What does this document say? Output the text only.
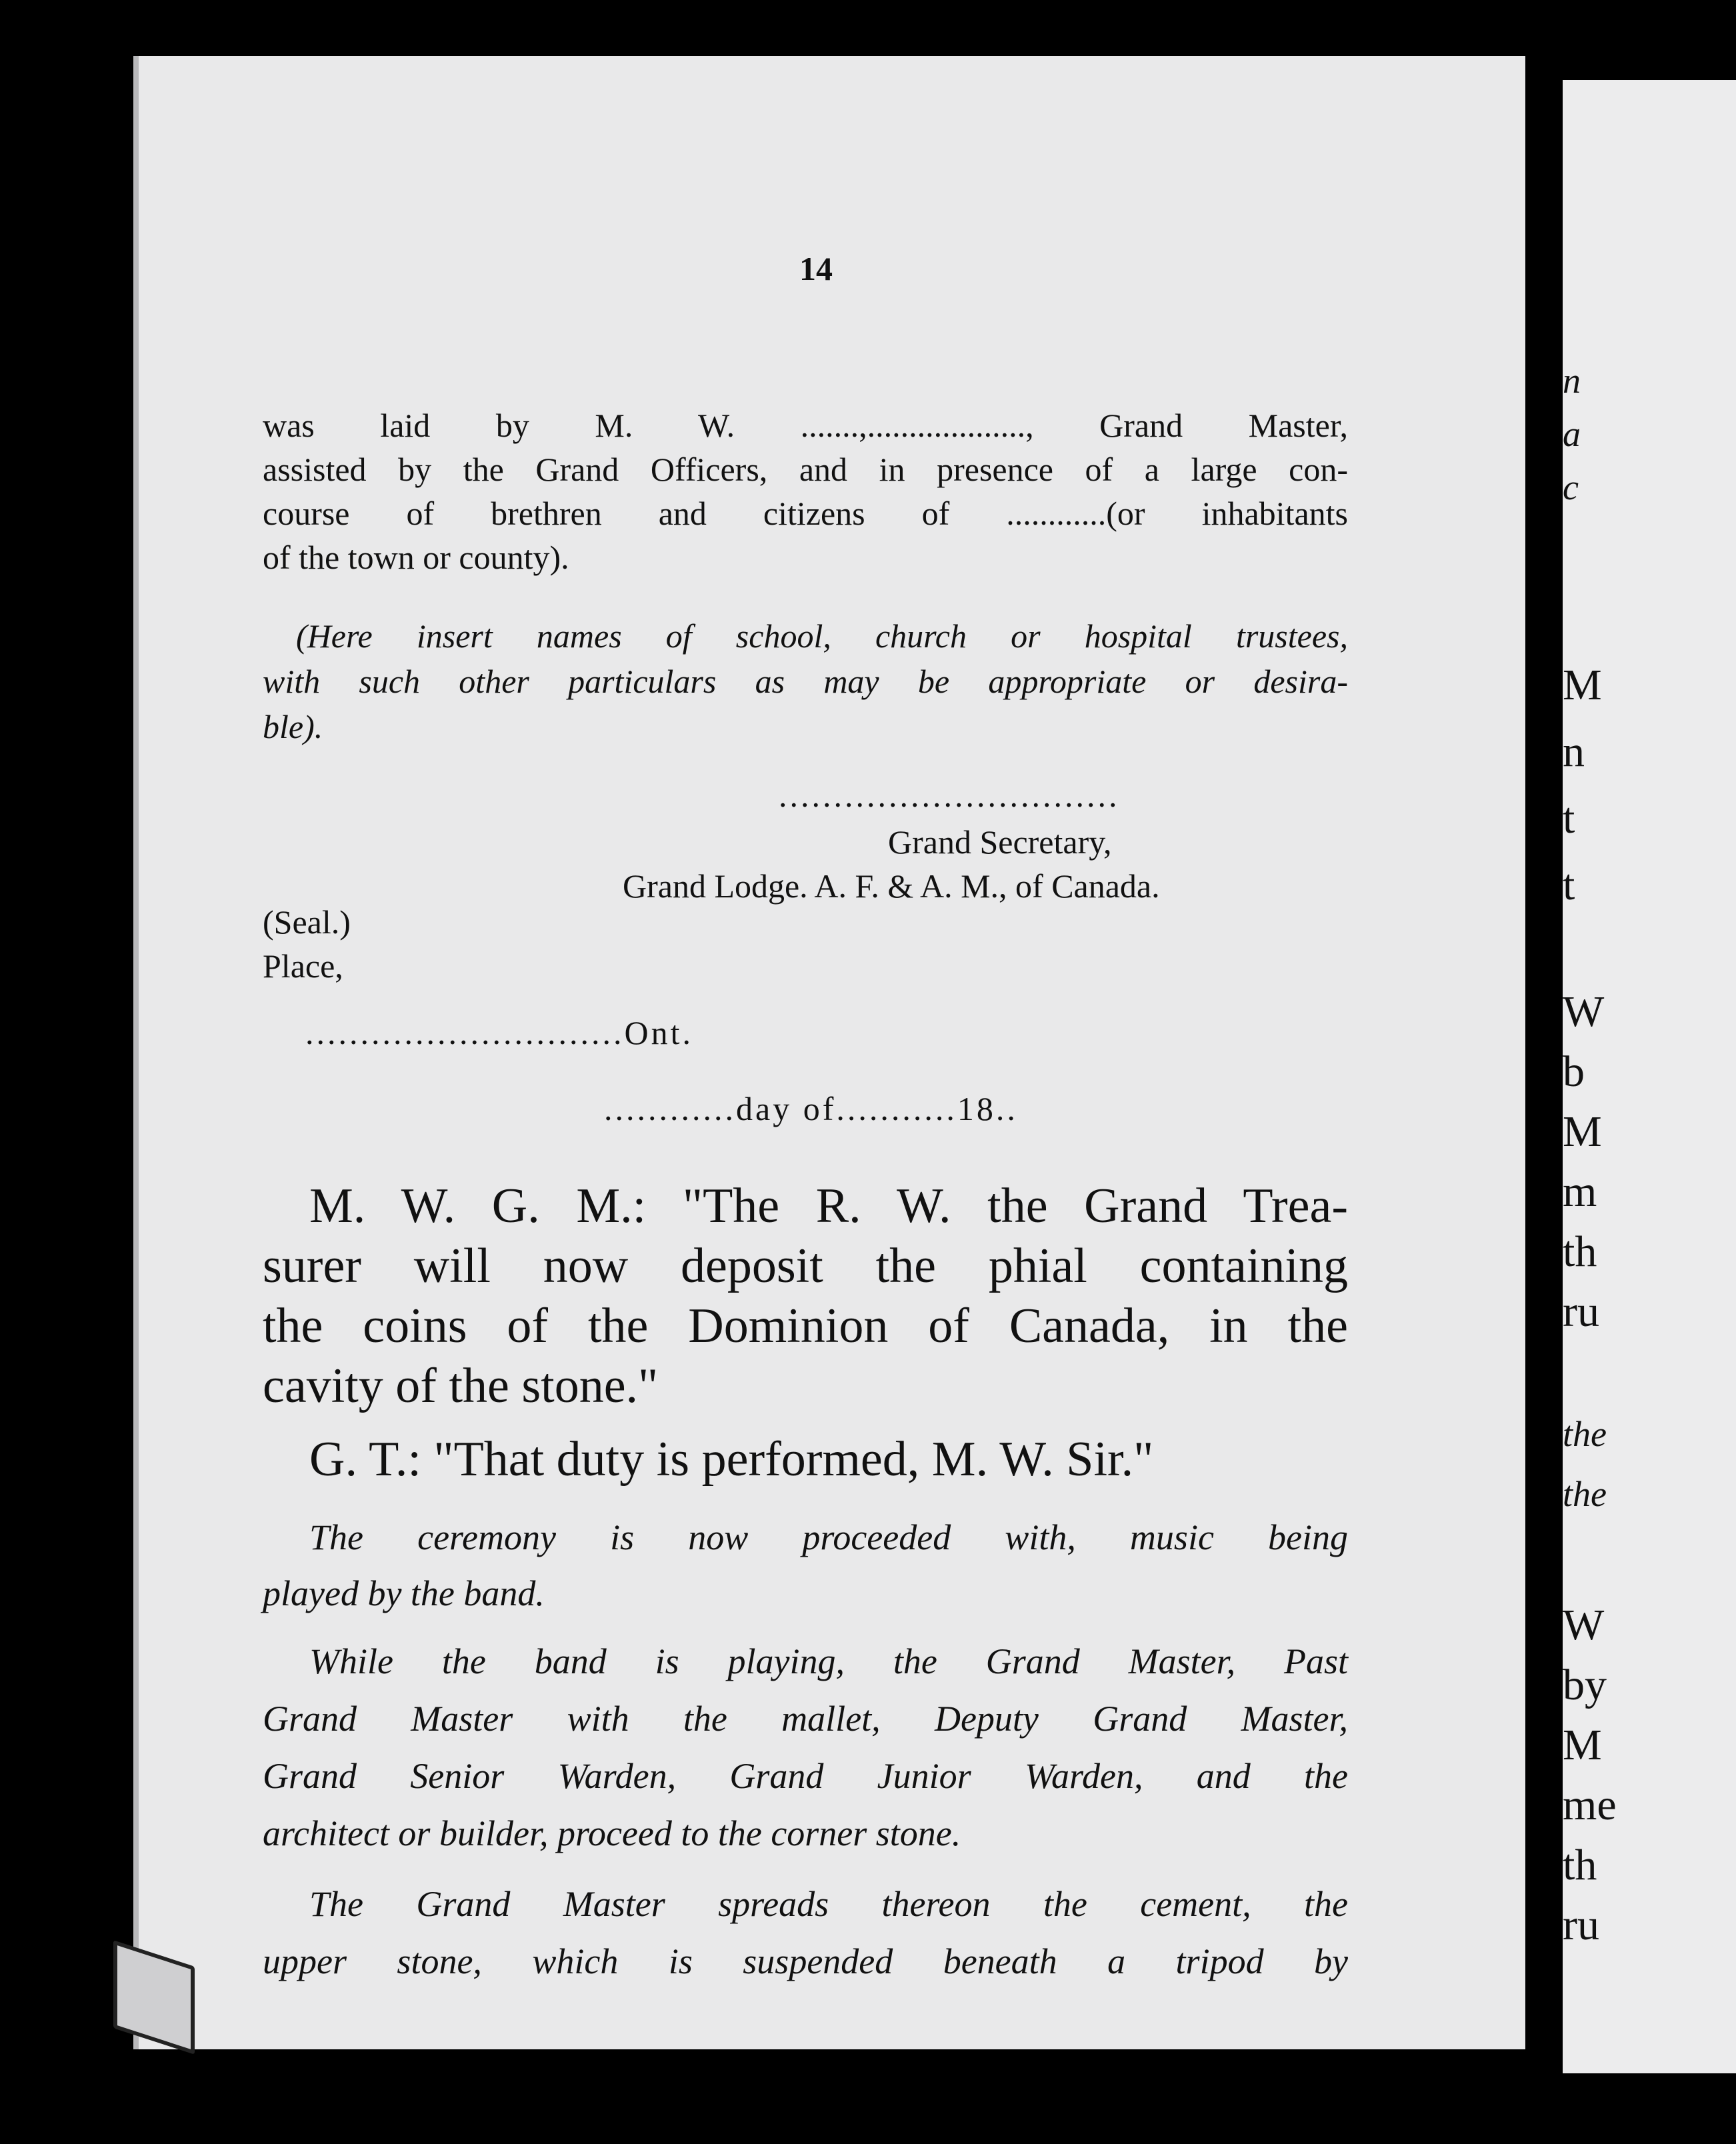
14
was laid by M. W. .......,..................., Grand Master,
assisted by the Grand Officers, and in presence of a large con-
course of brethren and citizens of ............(or inhabitants
of the town or county).
(Here insert names of school, church or hospital trustees,
with such other particulars as may be appropriate or desira-
ble).
...............................
Grand Secretary,
Grand Lodge. A. F. & A. M., of Canada.
(Seal.)
Place,
.............................Ont.
............day of...........18..
M. W. G. M.: "The R. W. the Grand Trea-
surer will now deposit the phial containing
the coins of the Dominion of Canada, in the
cavity of the stone."
G. T.: "That duty is performed, M. W. Sir."
The ceremony is now proceeded with, music being
played by the band.
While the band is playing, the Grand Master, Past
Grand Master with the mallet, Deputy Grand Master,
Grand Senior Warden, Grand Junior Warden, and the
architect or builder, proceed to the corner stone.
The Grand Master spreads thereon the cement, the
upper stone, which is suspended beneath a tripod by
n
a
c
M
n
t
t
W
b
M
m
th
ru
the
the
W
by
M
me
th
ru
